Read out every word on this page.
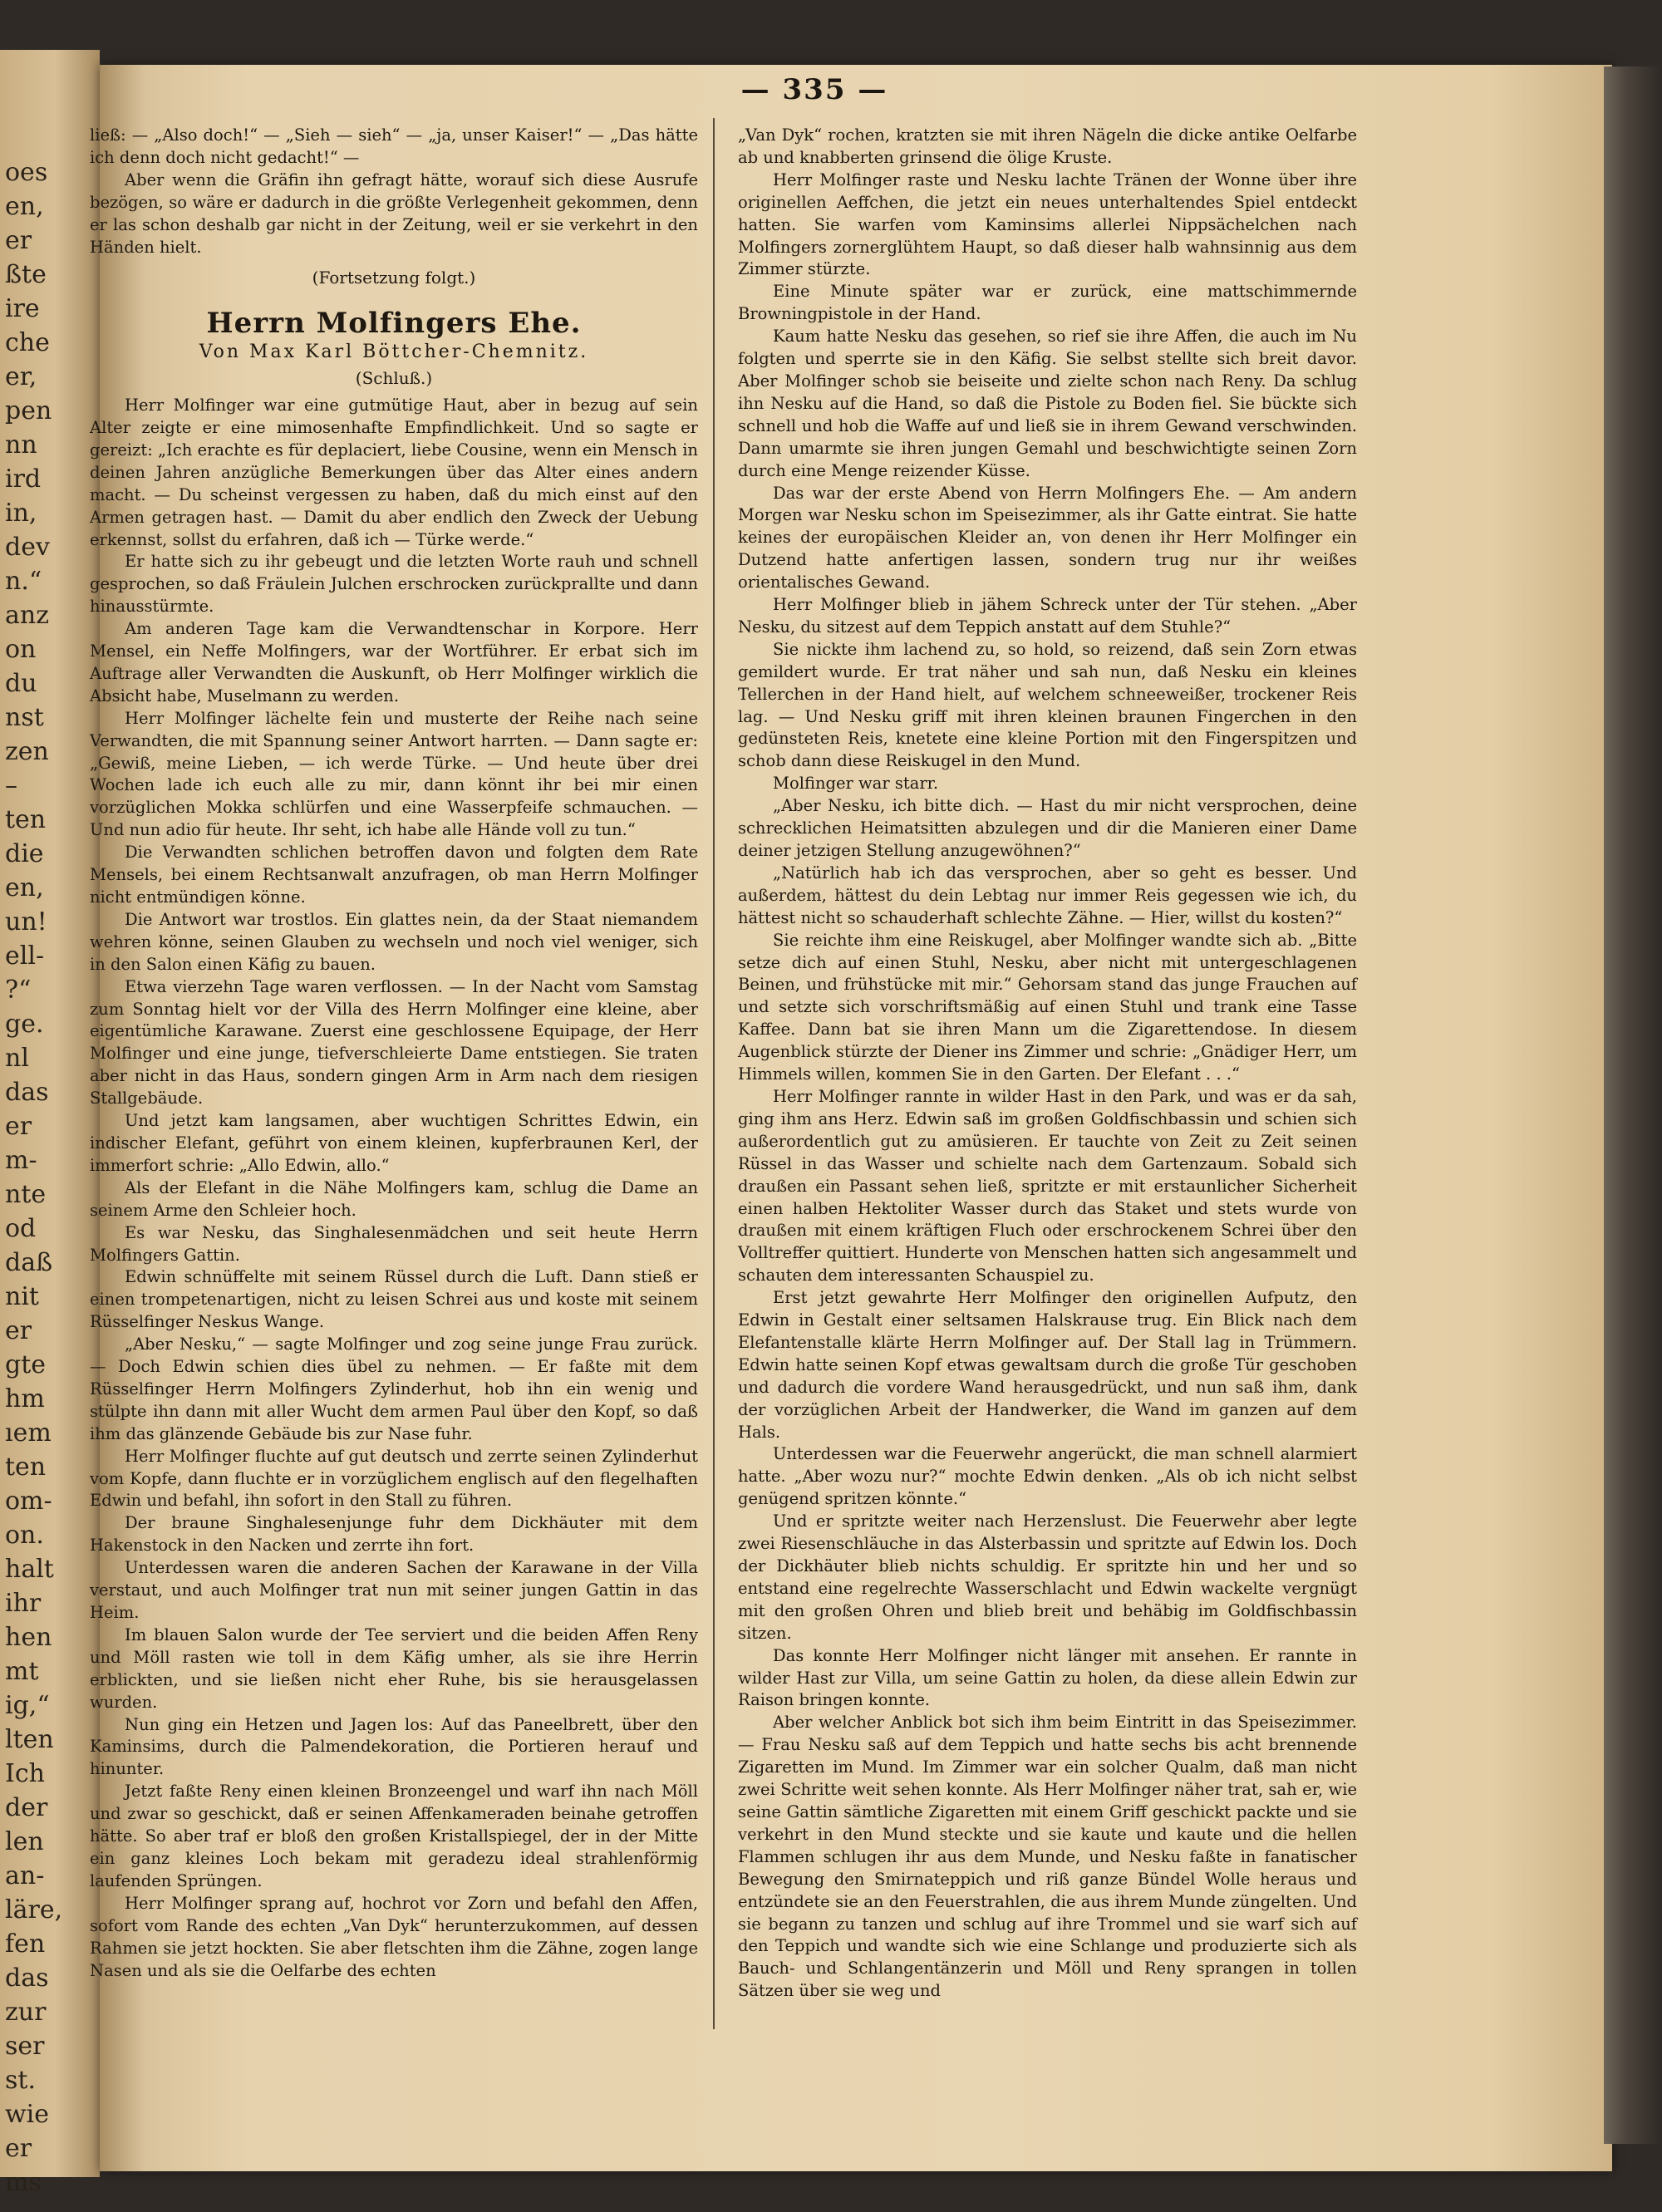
oes
en,
er
ßte
ire
che
er,
pen
nn
ird
in,
dev
n.“
anz
on
du
nst
zen
–
ten
die
en,
un!
ell-
?“
ge.
nl
das
er
m-
nte
od
daß
nit
er
gte
hm
ıem
ten
om-
on.
halt
ihr
hen
mt
ig,“
lten
Ich
der
len
an-
läre,
fen
das
zur
ser
st.
wie
er
ms
— 335 —

ließ: — „Also doch!“ — „Sieh — sieh“ — „ja, unser Kaiser!“ — „Das hätte ich denn doch nicht gedacht!“ —

Aber wenn die Gräfin ihn gefragt hätte, worauf sich diese Ausrufe bezögen, so wäre er dadurch in die größte Verlegenheit gekommen, denn er las schon deshalb gar nicht in der Zeitung, weil er sie verkehrt in den Händen hielt.

(Fortsetzung folgt.)
Herrn Molfingers Ehe.
Von Max Karl Böttcher-Chemnitz.
(Schluß.)

Herr Molfinger war eine gutmütige Haut, aber in bezug auf sein Alter zeigte er eine mimosenhafte Empfindlichkeit. Und so sagte er gereizt: „Ich erachte es für deplaciert, liebe Cousine, wenn ein Mensch in deinen Jahren anzügliche Bemerkungen über das Alter eines andern macht. — Du scheinst vergessen zu haben, daß du mich einst auf den Armen getragen hast. — Damit du aber endlich den Zweck der Uebung erkennst, sollst du erfahren, daß ich — Türke werde.“

Er hatte sich zu ihr gebeugt und die letzten Worte rauh und schnell gesprochen, so daß Fräulein Julchen erschrocken zurückprallte und dann hinausstürmte.

Am anderen Tage kam die Verwandtenschar in Korpore. Herr Mensel, ein Neffe Molfingers, war der Wortführer. Er erbat sich im Auftrage aller Verwandten die Auskunft, ob Herr Molfinger wirklich die Absicht habe, Muselmann zu werden.

Herr Molfinger lächelte fein und musterte der Reihe nach seine Verwandten, die mit Spannung seiner Antwort harrten. — Dann sagte er: „Gewiß, meine Lieben, — ich werde Türke. — Und heute über drei Wochen lade ich euch alle zu mir, dann könnt ihr bei mir einen vorzüglichen Mokka schlürfen und eine Wasserpfeife schmauchen. — Und nun adio für heute. Ihr seht, ich habe alle Hände voll zu tun.“

Die Verwandten schlichen betroffen davon und folgten dem Rate Mensels, bei einem Rechtsanwalt anzufragen, ob man Herrn Molfinger nicht entmündigen könne.

Die Antwort war trostlos. Ein glattes nein, da der Staat niemandem wehren könne, seinen Glauben zu wechseln und noch viel weniger, sich in den Salon einen Käfig zu bauen.

Etwa vierzehn Tage waren verflossen. — In der Nacht vom Samstag zum Sonntag hielt vor der Villa des Herrn Molfinger eine kleine, aber eigentümliche Karawane. Zuerst eine geschlossene Equipage, der Herr Molfinger und eine junge, tiefverschleierte Dame entstiegen. Sie traten aber nicht in das Haus, sondern gingen Arm in Arm nach dem riesigen Stallgebäude.

Und jetzt kam langsamen, aber wuchtigen Schrittes Edwin, ein indischer Elefant, geführt von einem kleinen, kupferbraunen Kerl, der immerfort schrie: „Allo Edwin, allo.“

Als der Elefant in die Nähe Molfingers kam, schlug die Dame an seinem Arme den Schleier hoch.

Es war Nesku, das Singhalesenmädchen und seit heute Herrn Molfingers Gattin.

Edwin schnüffelte mit seinem Rüssel durch die Luft. Dann stieß er einen trompetenartigen, nicht zu leisen Schrei aus und koste mit seinem Rüsselfinger Neskus Wange.

„Aber Nesku,“ — sagte Molfinger und zog seine junge Frau zurück. — Doch Edwin schien dies übel zu nehmen. — Er faßte mit dem Rüsselfinger Herrn Molfingers Zylinderhut, hob ihn ein wenig und stülpte ihn dann mit aller Wucht dem armen Paul über den Kopf, so daß ihm das glänzende Gebäude bis zur Nase fuhr.

Herr Molfinger fluchte auf gut deutsch und zerrte seinen Zylinderhut vom Kopfe, dann fluchte er in vorzüglichem englisch auf den flegelhaften Edwin und befahl, ihn sofort in den Stall zu führen.

Der braune Singhalesenjunge fuhr dem Dickhäuter mit dem Hakenstock in den Nacken und zerrte ihn fort.

Unterdessen waren die anderen Sachen der Karawane in der Villa verstaut, und auch Molfinger trat nun mit seiner jungen Gattin in das Heim.

Im blauen Salon wurde der Tee serviert und die beiden Affen Reny und Möll rasten wie toll in dem Käfig umher, als sie ihre Herrin erblickten, und sie ließen nicht eher Ruhe, bis sie herausgelassen wurden.

Nun ging ein Hetzen und Jagen los: Auf das Paneelbrett, über den Kaminsims, durch die Palmendekoration, die Portieren herauf und hinunter.

Jetzt faßte Reny einen kleinen Bronzeengel und warf ihn nach Möll und zwar so geschickt, daß er seinen Affenkameraden beinahe getroffen hätte. So aber traf er bloß den großen Kristallspiegel, der in der Mitte ein ganz kleines Loch bekam mit geradezu ideal strahlenförmig laufenden Sprüngen.

Herr Molfinger sprang auf, hochrot vor Zorn und befahl den Affen, sofort vom Rande des echten „Van Dyk“ herunterzukommen, auf dessen Rahmen sie jetzt hockten. Sie aber fletschten ihm die Zähne, zogen lange Nasen und als sie die Oelfarbe des echten

„Van Dyk“ rochen, kratzten sie mit ihren Nägeln die dicke antike Oelfarbe ab und knabberten grinsend die ölige Kruste.

Herr Molfinger raste und Nesku lachte Tränen der Wonne über ihre originellen Aeffchen, die jetzt ein neues unterhaltendes Spiel entdeckt hatten. Sie warfen vom Kaminsims allerlei Nippsächelchen nach Molfingers zornerglühtem Haupt, so daß dieser halb wahnsinnig aus dem Zimmer stürzte.

Eine Minute später war er zurück, eine mattschimmernde Browningpistole in der Hand.

Kaum hatte Nesku das gesehen, so rief sie ihre Affen, die auch im Nu folgten und sperrte sie in den Käfig. Sie selbst stellte sich breit davor. Aber Molfinger schob sie beiseite und zielte schon nach Reny. Da schlug ihn Nesku auf die Hand, so daß die Pistole zu Boden fiel. Sie bückte sich schnell und hob die Waffe auf und ließ sie in ihrem Gewand verschwinden. Dann umarmte sie ihren jungen Gemahl und beschwichtigte seinen Zorn durch eine Menge reizender Küsse.

Das war der erste Abend von Herrn Molfingers Ehe. — Am andern Morgen war Nesku schon im Speisezimmer, als ihr Gatte eintrat. Sie hatte keines der europäischen Kleider an, von denen ihr Herr Molfinger ein Dutzend hatte anfertigen lassen, sondern trug nur ihr weißes orientalisches Gewand.

Herr Molfinger blieb in jähem Schreck unter der Tür stehen. „Aber Nesku, du sitzest auf dem Teppich anstatt auf dem Stuhle?“

Sie nickte ihm lachend zu, so hold, so reizend, daß sein Zorn etwas gemildert wurde. Er trat näher und sah nun, daß Nesku ein kleines Tellerchen in der Hand hielt, auf welchem schneeweißer, trockener Reis lag. — Und Nesku griff mit ihren kleinen braunen Fingerchen in den gedünsteten Reis, knetete eine kleine Portion mit den Fingerspitzen und schob dann diese Reiskugel in den Mund.

Molfinger war starr.

„Aber Nesku, ich bitte dich. — Hast du mir nicht versprochen, deine schrecklichen Heimatsitten abzulegen und dir die Manieren einer Dame deiner jetzigen Stellung anzugewöhnen?“

„Natürlich hab ich das versprochen, aber so geht es besser. Und außerdem, hättest du dein Lebtag nur immer Reis gegessen wie ich, du hättest nicht so schauderhaft schlechte Zähne. — Hier, willst du kosten?“

Sie reichte ihm eine Reiskugel, aber Molfinger wandte sich ab. „Bitte setze dich auf einen Stuhl, Nesku, aber nicht mit untergeschlagenen Beinen, und frühstücke mit mir.“ Gehorsam stand das junge Frauchen auf und setzte sich vorschriftsmäßig auf einen Stuhl und trank eine Tasse Kaffee. Dann bat sie ihren Mann um die Zigarettendose. In diesem Augenblick stürzte der Diener ins Zimmer und schrie: „Gnädiger Herr, um Himmels willen, kommen Sie in den Garten. Der Elefant . . .“

Herr Molfinger rannte in wilder Hast in den Park, und was er da sah, ging ihm ans Herz. Edwin saß im großen Goldfischbassin und schien sich außerordentlich gut zu amüsieren. Er tauchte von Zeit zu Zeit seinen Rüssel in das Wasser und schielte nach dem Gartenzaum. Sobald sich draußen ein Passant sehen ließ, spritzte er mit erstaunlicher Sicherheit einen halben Hektoliter Wasser durch das Staket und stets wurde von draußen mit einem kräftigen Fluch oder erschrockenem Schrei über den Volltreffer quittiert. Hunderte von Menschen hatten sich angesammelt und schauten dem interessanten Schauspiel zu.

Erst jetzt gewahrte Herr Molfinger den originellen Aufputz, den Edwin in Gestalt einer seltsamen Halskrause trug. Ein Blick nach dem Elefantenstalle klärte Herrn Molfinger auf. Der Stall lag in Trümmern. Edwin hatte seinen Kopf etwas gewaltsam durch die große Tür geschoben und dadurch die vordere Wand herausgedrückt, und nun saß ihm, dank der vorzüglichen Arbeit der Handwerker, die Wand im ganzen auf dem Hals.

Unterdessen war die Feuerwehr angerückt, die man schnell alarmiert hatte. „Aber wozu nur?“ mochte Edwin denken. „Als ob ich nicht selbst genügend spritzen könnte.“

Und er spritzte weiter nach Herzenslust. Die Feuerwehr aber legte zwei Riesenschläuche in das Alsterbassin und spritzte auf Edwin los. Doch der Dickhäuter blieb nichts schuldig. Er spritzte hin und her und so entstand eine regelrechte Wasserschlacht und Edwin wackelte vergnügt mit den großen Ohren und blieb breit und behäbig im Goldfischbassin sitzen.

Das konnte Herr Molfinger nicht länger mit ansehen. Er rannte in wilder Hast zur Villa, um seine Gattin zu holen, da diese allein Edwin zur Raison bringen konnte.

Aber welcher Anblick bot sich ihm beim Eintritt in das Speisezimmer. — Frau Nesku saß auf dem Teppich und hatte sechs bis acht brennende Zigaretten im Mund. Im Zimmer war ein solcher Qualm, daß man nicht zwei Schritte weit sehen konnte. Als Herr Molfinger näher trat, sah er, wie seine Gattin sämtliche Zigaretten mit einem Griff geschickt packte und sie verkehrt in den Mund steckte und sie kaute und kaute und die hellen Flammen schlugen ihr aus dem Munde, und Nesku faßte in fanatischer Bewegung den Smirnateppich und riß ganze Bündel Wolle heraus und entzündete sie an den Feuerstrahlen, die aus ihrem Munde züngelten. Und sie begann zu tanzen und schlug auf ihre Trommel und sie warf sich auf den Teppich und wandte sich wie eine Schlange und produzierte sich als Bauch- und Schlangentänzerin und Möll und Reny sprangen in tollen Sätzen über sie weg und
